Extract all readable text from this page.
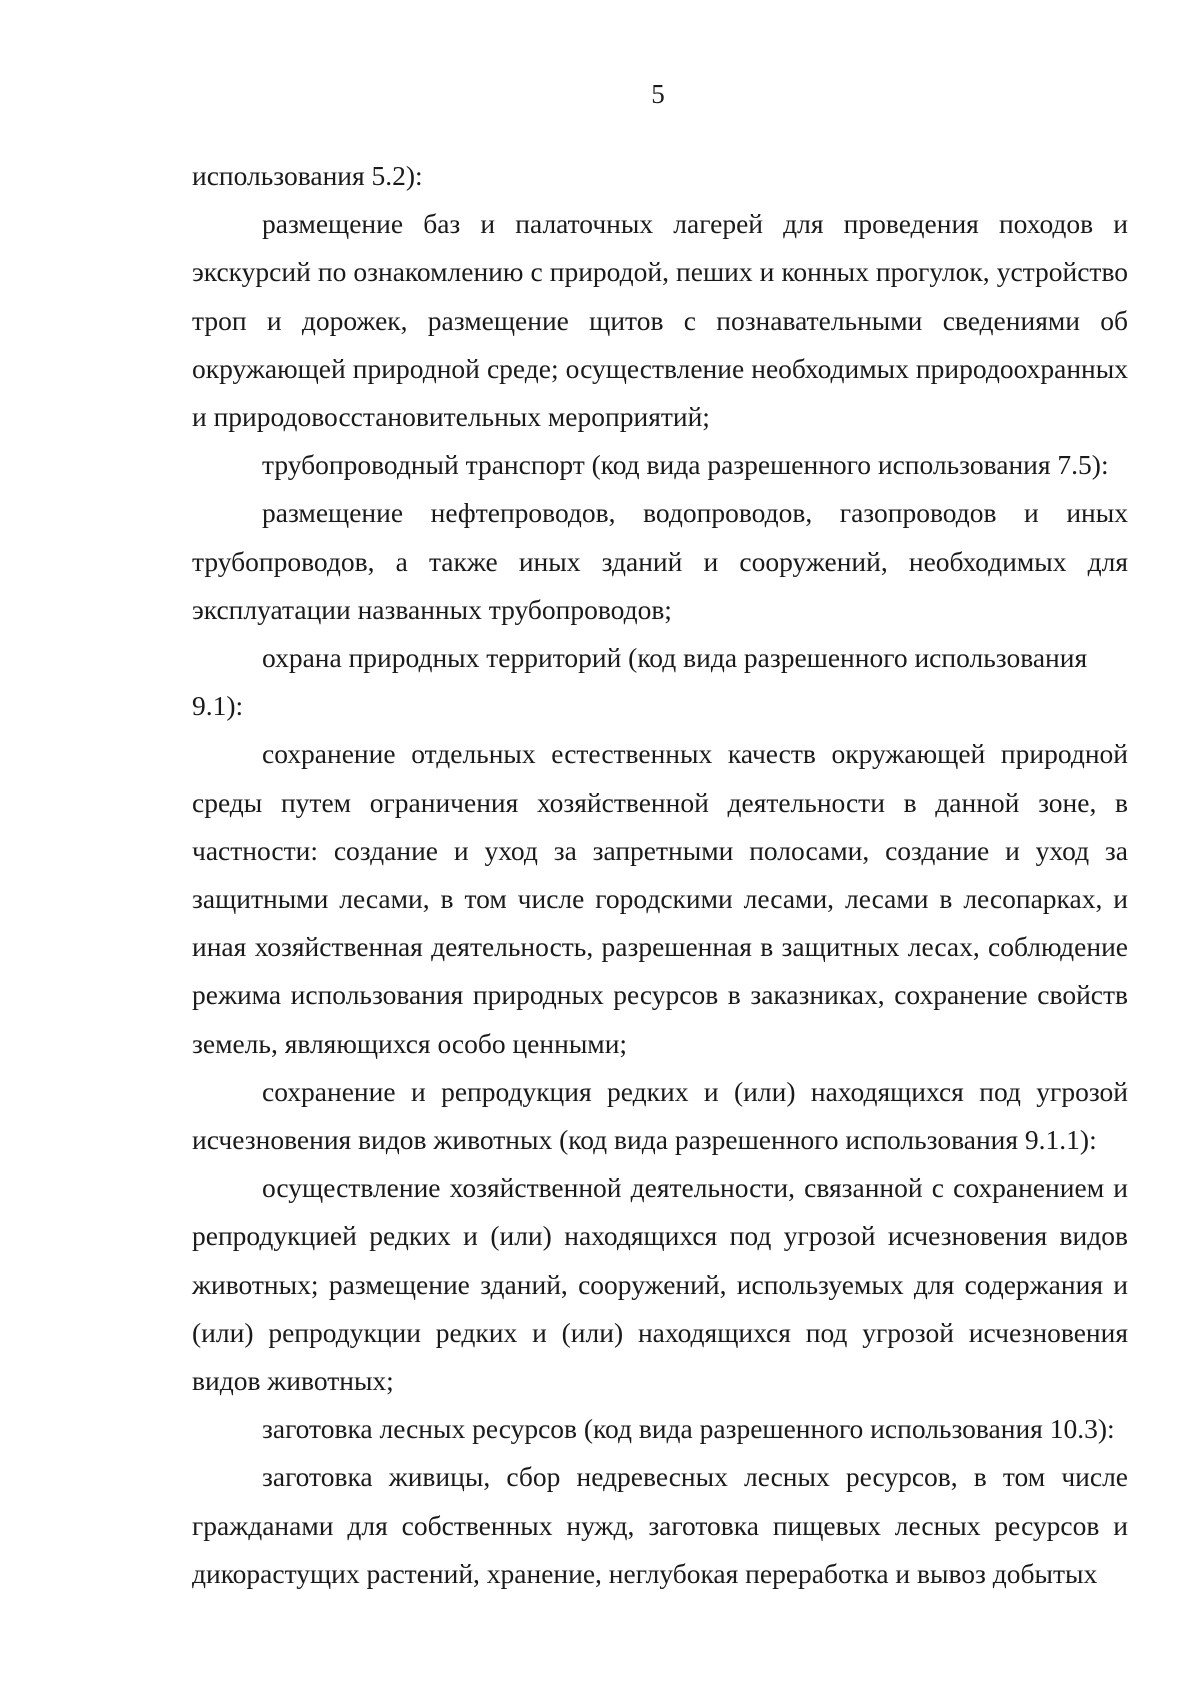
5

использования 5.2):

размещение баз и палаточных лагерей для проведения походов и экскурсий по ознакомлению с природой, пеших и конных прогулок, устройство троп и дорожек, размещение щитов с познавательными сведениями об окружающей природной среде; осуществление необходимых природоохранных и природовосстановительных мероприятий;

трубопроводный транспорт (код вида разрешенного использования 7.5):

размещение нефтепроводов, водопроводов, газопроводов и иных трубопроводов, а также иных зданий и сооружений, необходимых для эксплуатации названных трубопроводов;

охрана природных территорий (код вида разрешенного использования 9.1):

сохранение отдельных естественных качеств окружающей природной среды путем ограничения хозяйственной деятельности в данной зоне, в частности: создание и уход за запретными полосами, создание и уход за защитными лесами, в том числе городскими лесами, лесами в лесопарках, и иная хозяйственная деятельность, разрешенная в защитных лесах, соблюдение режима использования природных ресурсов в заказниках, сохранение свойств земель, являющихся особо ценными;

сохранение и репродукция редких и (или) находящихся под угрозой исчезновения видов животных (код вида разрешенного использования 9.1.1):

осуществление хозяйственной деятельности, связанной с сохранением и репродукцией редких и (или) находящихся под угрозой исчезновения видов животных; размещение зданий, сооружений, используемых для содержания и (или) репродукции редких и (или) находящихся под угрозой исчезновения видов животных;

заготовка лесных ресурсов (код вида разрешенного использования 10.3):

заготовка живицы, сбор недревесных лесных ресурсов, в том числе гражданами для собственных нужд, заготовка пищевых лесных ресурсов и дикорастущих растений, хранение, неглубокая переработка и вывоз добытых
